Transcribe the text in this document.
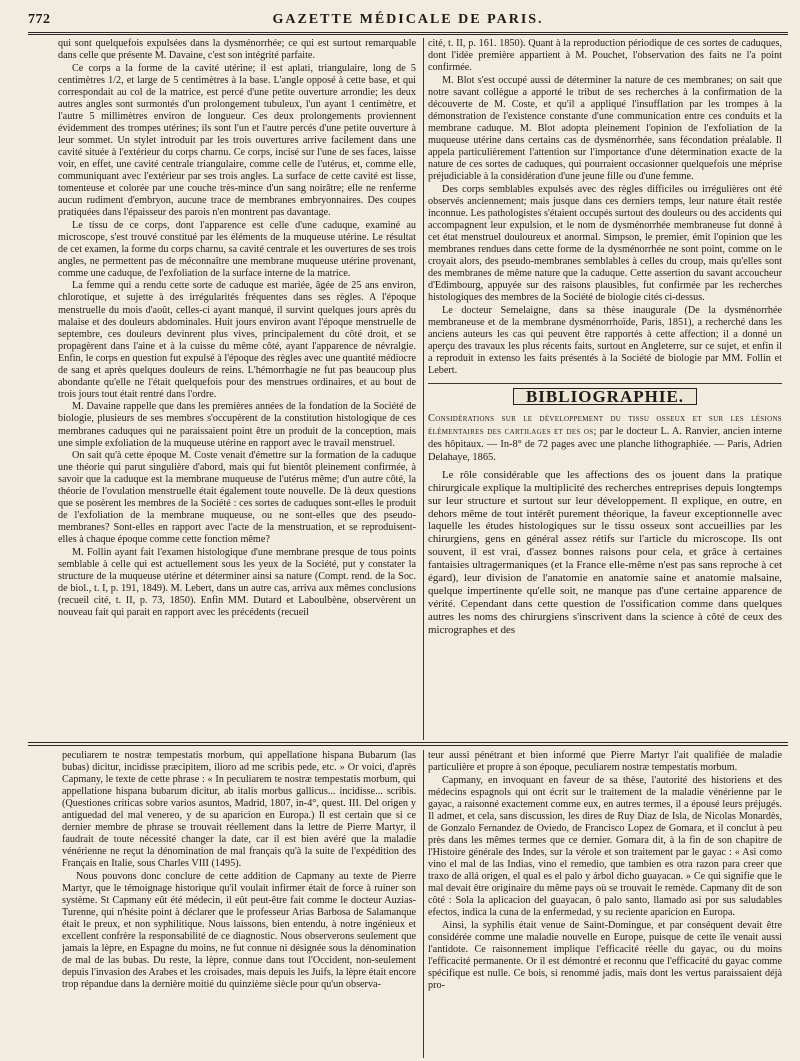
772	GAZETTE MÉDICALE DE PARIS.

qui sont quelquefois expulsées dans la dysménorrhée; ce qui est surtout remarquable dans celle que présente M. Davaine, c'est son intégrité parfaite.

Ce corps a la forme de la cavité utérine; il est aplati, triangulaire, long de 5 centimètres 1/2, et large de 5 centimètres à la base. L'angle opposé à cette base, et qui correspondait au col de la matrice, est percé d'une petite ouverture arrondie; les deux autres angles sont surmontés d'un prolongement tubuleux, l'un ayant 1 centimètre, et l'autre 5 millimètres environ de longueur. Ces deux prolongements proviennent évidemment des trompes utérines; ils sont l'un et l'autre percés d'une petite ouverture à leur sommet. Un stylet introduit par les trois ouvertures arrive facilement dans une cavité située à l'extérieur du corps charnu. Ce corps, incisé sur l'une de ses faces, laisse voir, en effet, une cavité centrale triangulaire, comme celle de l'utérus, et, comme elle, communiquant avec l'extérieur par ses trois angles. La surface de cette cavité est lisse, tomenteuse et colorée par une couche très-mince d'un sang noirâtre; elle ne renferme aucun rudiment d'embryon, aucune trace de membranes embryonnaires. Des coupes pratiquées dans l'épaisseur des parois n'en montrent pas davantage.

Le tissu de ce corps, dont l'apparence est celle d'une caduque, examiné au microscope, s'est trouvé constitué par les éléments de la muqueuse utérine. Le résultat de cet examen, la forme du corps charnu, sa cavité centrale et les ouvertures de ses trois angles, ne permettent pas de méconnaître une membrane muqueuse utérine provenant, comme une caduque, de l'exfoliation de la surface interne de la matrice.

La femme qui a rendu cette sorte de caduque est mariée, âgée de 25 ans environ, chlorotique, et sujette à des irrégularités fréquentes dans ses règles. A l'époque menstruelle du mois d'août, celles-ci ayant manqué, il survint quelques jours après du malaise et des douleurs abdominales. Huit jours environ avant l'époque menstruelle de septembre, ces douleurs devinrent plus vives, principalement du côté droit, et se propagèrent dans l'aine et à la cuisse du même côté, ayant l'apparence de névralgie. Enfin, le corps en question fut expulsé à l'époque des règles avec une quantité médiocre de sang et après quelques douleurs de reins. L'hémorrhagie ne fut pas beaucoup plus abondante qu'elle ne l'était quelquefois pour des menstrues ordinaires, et au bout de trois jours tout était rentré dans l'ordre.

M. Davaine rappelle que dans les premières années de la fondation de la Société de biologie, plusieurs de ses membres s'occupèrent de la constitution histologique de ces membranes caduques qui ne paraissaient point être un produit de la conception, mais une simple exfoliation de la muqueuse utérine en rapport avec le travail menstruel.

On sait qu'à cette époque M. Coste venait d'émettre sur la formation de la caduque une théorie qui parut singulière d'abord, mais qui fut bientôt pleinement confirmée, à savoir que la caduque est la membrane muqueuse de l'utérus même; d'un autre côté, la théorie de l'ovulation menstruelle était également toute nouvelle. De là deux questions que se posèrent les membres de la Société : ces sortes de caduques sont-elles le produit de l'exfoliation de la membrane muqueuse, ou ne sont-elles que des pseudo-membranes? Sont-elles en rapport avec l'acte de la menstruation, et se reproduisent-elles à chaque époque comme cette fonction même?

M. Follin ayant fait l'examen histologique d'une membrane presque de tous points semblable à celle qui est actuellement sous les yeux de la Société, put y constater la structure de la muqueuse utérine et déterminer ainsi sa nature (Compt. rend. de la Soc. de biol., t. I, p. 191, 1849). M. Lebert, dans un autre cas, arriva aux mêmes conclusions (recueil cité, t. II, p. 73, 1850). Enfin MM. Dutard et Laboulbène, observèrent un nouveau fait qui parait en rapport avec les précédents (recueil

cité, t. II, p. 161. 1850). Quant à la reproduction périodique de ces sortes de caduques, dont l'idée première appartient à M. Pouchet, l'observation des faits ne l'a point confirmée.

M. Blot s'est occupé aussi de déterminer la nature de ces membranes; on sait que notre savant collègue a apporté le tribut de ses recherches à la confirmation de la découverte de M. Coste, et qu'il a appliqué l'insufflation par les trompes à la démonstration de l'existence constante d'une communication entre ces conduits et la membrane caduque. M. Blot adopta pleinement l'opinion de l'exfoliation de la muqueuse utérine dans certains cas de dysménorrhée, sans fécondation préalable. Il appela particulièrement l'attention sur l'importance d'une détermination exacte de la nature de ces sortes de caduques, qui pourraient occasionner quelquefois une méprise préjudiciable à la considération d'une jeune fille ou d'une femme.

Des corps semblables expulsés avec des règles difficiles ou irrégulières ont été observés anciennement; mais jusque dans ces derniers temps, leur nature était restée inconnue. Les pathologistes s'étaient occupés surtout des douleurs ou des accidents qui accompagnent leur expulsion, et le nom de dysménorrhée membraneuse fut donné à cet état menstruel douloureux et anormal. Simpson, le premier, émit l'opinion que les membranes rendues dans cette forme de la dysménorrhée ne sont point, comme on le croyait alors, des pseudo-membranes semblables à celles du croup, mais qu'elles sont des membranes de même nature que la caduque. Cette assertion du savant accoucheur d'Edimbourg, appuyée sur des raisons plausibles, fut confirmée par les recherches histologiques des membres de la Société de biologie cités ci-dessus.

Le docteur Semelaigne, dans sa thèse inaugurale (De la dysménorrhée membraneuse et de la membrane dysménorrhoïde, Paris, 1851), a recherché dans les anciens auteurs les cas qui peuvent être rapportés à cette affection; il a donné un aperçu des travaux les plus récents faits, surtout en Angleterre, sur ce sujet, et enfin il a reproduit in extenso les faits présentés à la Société de biologie par MM. Follin et Lebert.

BIBLIOGRAPHIE.

Considérations sur le développement du tissu osseux et sur les lésions élémentaires des cartilages et des os; par le docteur L. A. Ranvier, ancien interne des hôpitaux. — In-8° de 72 pages avec une planche lithographiée. — Paris, Adrien Delahaye, 1865.

Le rôle considérable que les affections des os jouent dans la pratique chirurgicale explique la multiplicité des recherches entreprises depuis longtemps sur leur structure et surtout sur leur développement. Il explique, en outre, en dehors même de tout intérêt purement théorique, la faveur exceptionnelle avec laquelle les études histologiques sur le tissu osseux sont accueillies par les chirurgiens, gens en général assez rétifs sur l'article du microscope. Ils ont souvent, il est vrai, d'assez bonnes raisons pour cela, et grâce à certaines fantaisies ultragermaniques (et la France elle-même n'est pas sans reproche à cet égard), leur division de l'anatomie en anatomie saine et anatomie malsaine, quelque impertinente qu'elle soit, ne manque pas d'une certaine apparence de vérité. Cependant dans cette question de l'ossification comme dans quelques autres les noms des chirurgiens s'inscrivent dans la science à côté de ceux des micrographes et des

peculiarem te nostræ tempestatis morbum, qui appellatione hispana Bubarum (las bubas) dicitur, incidisse præcipitem, ilioro ad me scribis pede, etc. » Or voici, d'après Capmany, le texte de cette phrase : « In peculiarem te nostræ tempestatis morbum, qui appellatione hispana bubarum dicitur, ab italis morbus gallicus... incidisse... scribis. (Questiones criticas sobre varios asuntos, Madrid, 1807, in-4°, quest. III. Del origen y antiguedad del mal venereo, y de su aparicion en Europa.) Il est certain que si ce dernier membre de phrase se trouvait réellement dans la lettre de Pierre Martyr, il faudrait de toute nécessité changer la date, car il est bien avéré que la maladie vénérienne ne reçut la dénomination de mal français qu'à la suite de l'expédition des Français en Italie, sous Charles VIII (1495).

Nous pouvons donc conclure de cette addition de Capmany au texte de Pierre Martyr, que le témoignage historique qu'il voulait infirmer était de force à ruiner son système. St Capmany eût été médecin, il eût peut-être fait comme le docteur Auzias-Turenne, qui n'hésite point à déclarer que le professeur Arias Barbosa de Salamanque était le preux, et non syphilitique. Nous laissons, bien entendu, à notre ingénieux et excellent confrère la responsabilité de ce diagnostic. Nous observerons seulement que jamais la lèpre, en Espagne du moins, ne fut connue ni désignée sous la dénomination de mal de las bubas. Du reste, la lèpre, connue dans tout l'Occident, non-seulement depuis l'invasion des Arabes et les croisades, mais depuis les Juifs, la lèpre était encore trop répandue dans la dernière moitié du quinzième siècle pour qu'un observa-

teur aussi pénétrant et bien informé que Pierre Martyr l'ait qualifiée de maladie particulière et propre à son époque, peculiarem nostræ tempestatis morbum.

Capmany, en invoquant en faveur de sa thèse, l'autorité des historiens et des médecins espagnols qui ont écrit sur le traitement de la maladie vénérienne par le gayac, a raisonné exactement comme eux, en autres termes, il a épousé leurs préjugés. Il admet, et cela, sans discussion, les dires de Ruy Diaz de Isla, de Nicolas Monardès, de Gonzalo Fernandez de Oviedo, de Francisco Lopez de Gomara, et il conclut à peu près dans les mêmes termes que ce dernier. Gomara dit, à la fin de son chapitre de l'Histoire générale des Indes, sur la vérole et son traitement par le gayac : « Asi como vino el mal de las Indias, vino el remedio, que tambien es otra razon para creer que traxo de allá origen, el qual es el palo y árbol dicho guayacan. » Ce qui signifie que le mal devait être originaire du même pays où se trouvait le remède. Capmany dit de son côté : Sola la aplicacion del guayacan, ô palo santo, llamado asi por sus saludables efectos, indica la cuna de la enfermedad, y su reciente aparicion en Europa.

Ainsi, la syphilis était venue de Saint-Domingue, et par conséquent devait être considérée comme une maladie nouvelle en Europe, puisque de cette île venait aussi l'antidote. Ce raisonnement implique l'efficacité réelle du gayac, ou du moins l'efficacité permanente. Or il est démontré et reconnu que l'efficacité du gayac comme spécifique est nulle. Ce bois, si renommé jadis, mais dont les vertus paraissaient déjà pro-
